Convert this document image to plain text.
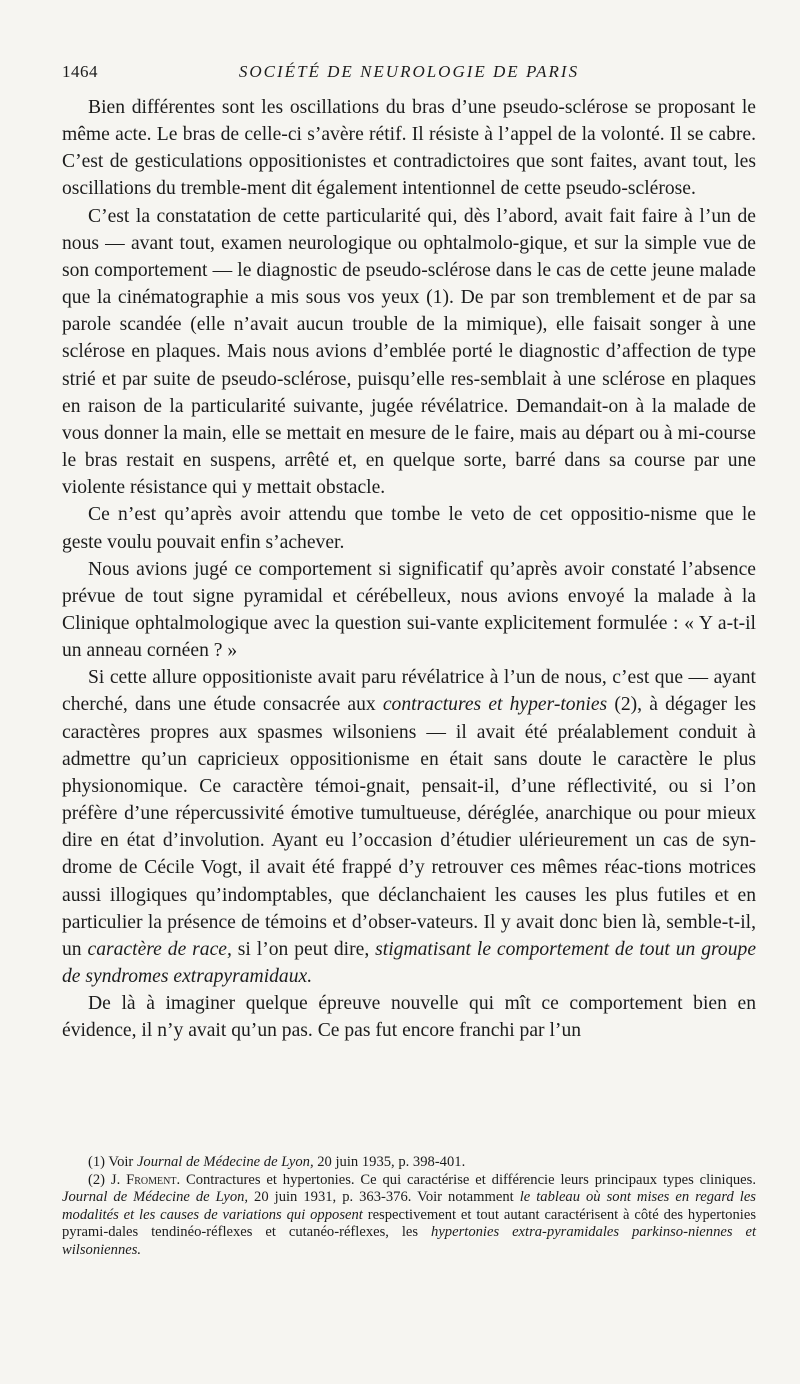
1464	SOCIÉTÉ DE NEUROLOGIE DE PARIS

Bien différentes sont les oscillations du bras d’une pseudo-sclérose se proposant le même acte. Le bras de celle-ci s’avère rétif. Il résiste à l’appel de la volonté. Il se cabre. C’est de gesticulations oppositionistes et contradictoires que sont faites, avant tout, les oscillations du tremble-ment dit également intentionnel de cette pseudo-sclérose.

C’est la constatation de cette particularité qui, dès l’abord, avait fait faire à l’un de nous — avant tout, examen neurologique ou ophtalmolo-gique, et sur la simple vue de son comportement — le diagnostic de pseudo-sclérose dans le cas de cette jeune malade que la cinématographie a mis sous vos yeux (1). De par son tremblement et de par sa parole scandée (elle n’avait aucun trouble de la mimique), elle faisait songer à une sclérose en plaques. Mais nous avions d’emblée porté le diagnostic d’affection de type strié et par suite de pseudo-sclérose, puisqu’elle res-semblait à une sclérose en plaques en raison de la particularité suivante, jugée révélatrice. Demandait-on à la malade de vous donner la main, elle se mettait en mesure de le faire, mais au départ ou à mi-course le bras restait en suspens, arrêté et, en quelque sorte, barré dans sa course par une violente résistance qui y mettait obstacle.

Ce n’est qu’après avoir attendu que tombe le veto de cet oppositio-nisme que le geste voulu pouvait enfin s’achever.

Nous avions jugé ce comportement si significatif qu’après avoir constaté l’absence prévue de tout signe pyramidal et cérébelleux, nous avions envoyé la malade à la Clinique ophtalmologique avec la question sui-vante explicitement formulée : « Y a-t-il un anneau cornéen ? »

Si cette allure oppositioniste avait paru révélatrice à l’un de nous, c’est que — ayant cherché, dans une étude consacrée aux contractures et hyper-tonies (2), à dégager les caractères propres aux spasmes wilsoniens — il avait été préalablement conduit à admettre qu’un capricieux oppositionisme en était sans doute le caractère le plus physionomique. Ce caractère témoi-gnait, pensait-il, d’une réflectivité, ou si l’on préfère d’une répercussivité émotive tumultueuse, déréglée, anarchique ou pour mieux dire en état d’involution. Ayant eu l’occasion d’étudier ulérieurement un cas de syn-drome de Cécile Vogt, il avait été frappé d’y retrouver ces mêmes réac-tions motrices aussi illogiques qu’indomptables, que déclanchaient les causes les plus futiles et en particulier la présence de témoins et d’obser-vateurs. Il y avait donc bien là, semble-t-il, un caractère de race, si l’on peut dire, stigmatisant le comportement de tout un groupe de syndromes extrapyramidaux.

De là à imaginer quelque épreuve nouvelle qui mît ce comportement bien en évidence, il n’y avait qu’un pas. Ce pas fut encore franchi par l’un

(1) Voir Journal de Médecine de Lyon, 20 juin 1935, p. 398-401.

(2) J. Froment. Contractures et hypertonies. Ce qui caractérise et différencie leurs principaux types cliniques. Journal de Médecine de Lyon, 20 juin 1931, p. 363-376. Voir notamment le tableau où sont mises en regard les modalités et les causes de variations qui opposent respectivement et tout autant caractérisent à côté des hypertonies pyrami-dales tendinéo-réflexes et cutanéo-réflexes, les hypertonies extra-pyramidales parkinso-niennes et wilsoniennes.
